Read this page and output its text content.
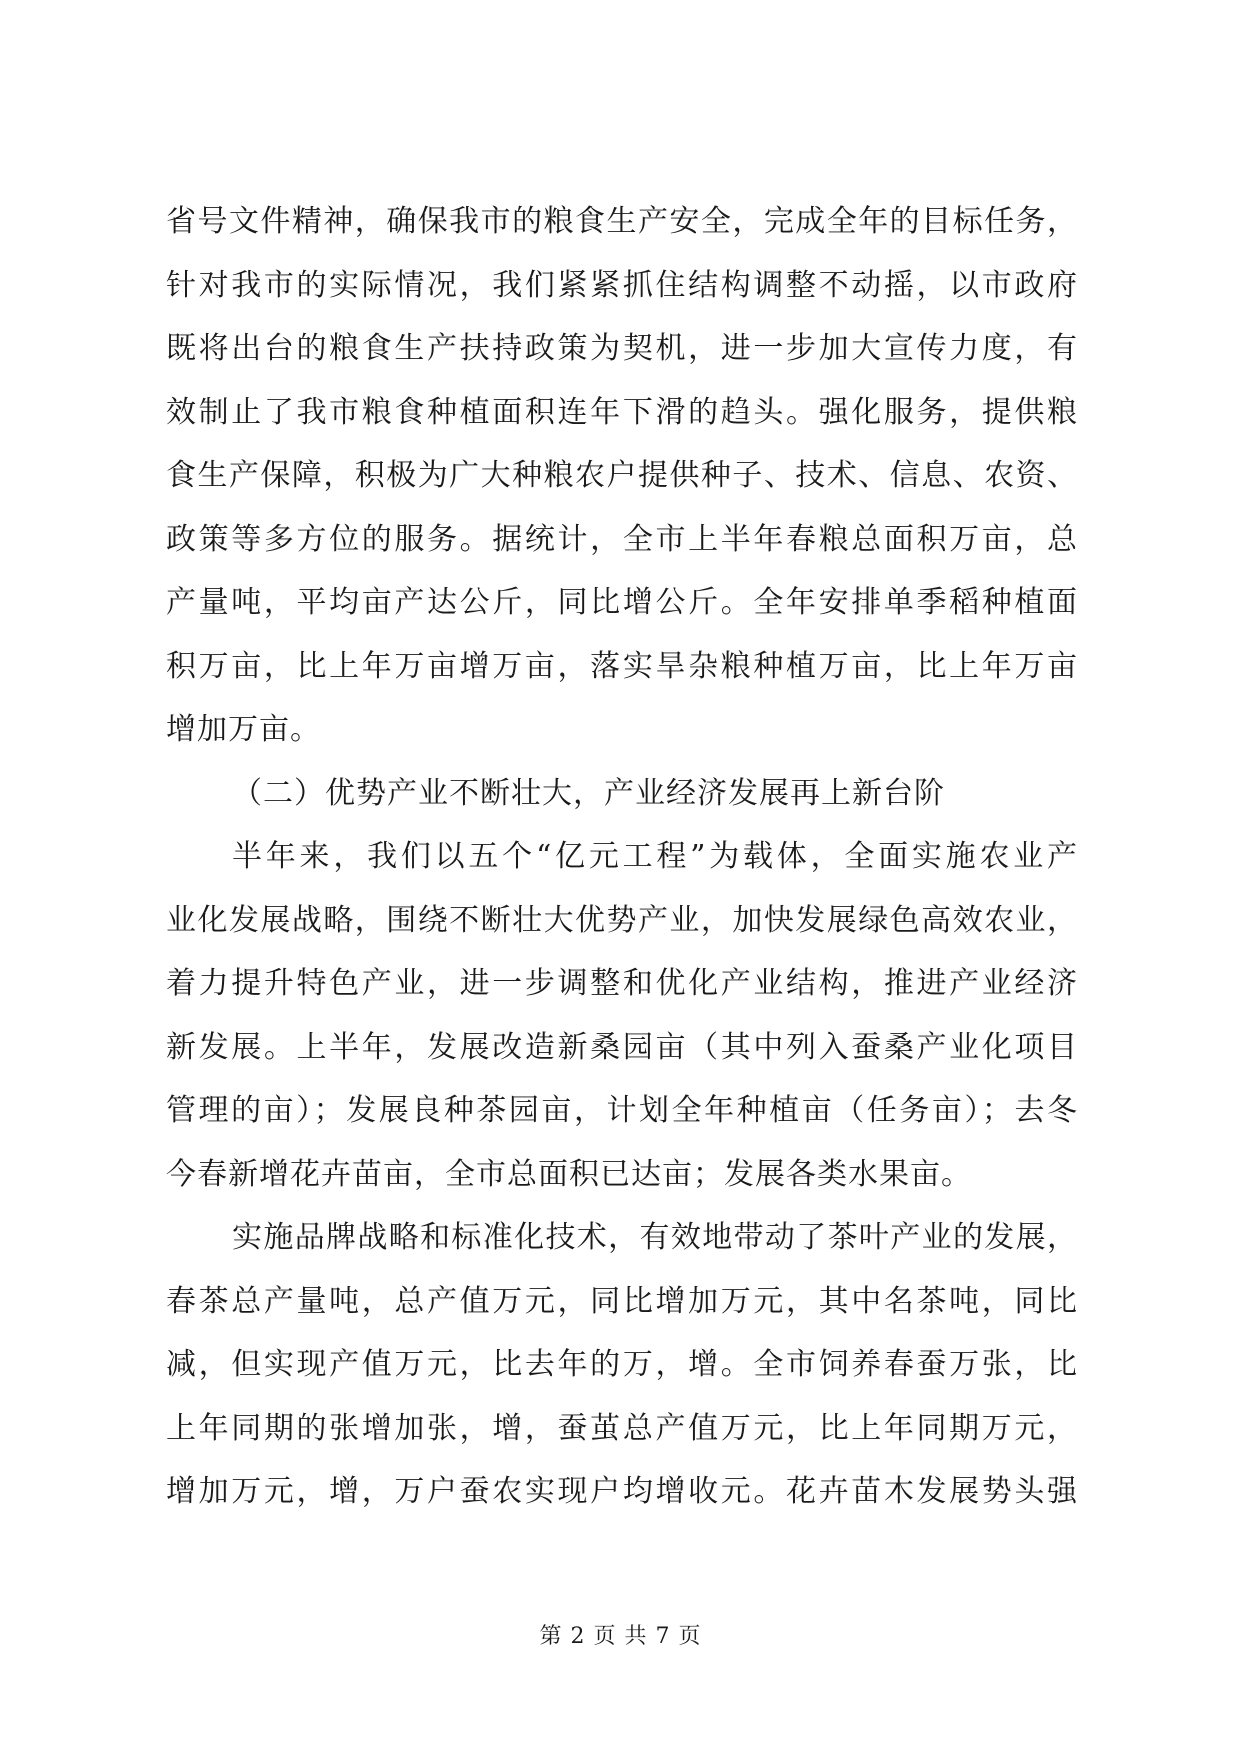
省号文件精神，确保我市的粮食生产安全，完成全年的目标任务，
针对我市的实际情况，我们紧紧抓住结构调整不动摇，以市政府
既将出台的粮食生产扶持政策为契机，进一步加大宣传力度，有
效制止了我市粮食种植面积连年下滑的趋头。强化服务，提供粮
食生产保障，积极为广大种粮农户提供种子、技术、信息、农资、
政策等多方位的服务。据统计，全市上半年春粮总面积万亩，总
产量吨，平均亩产达公斤，同比增公斤。全年安排单季稻种植面
积万亩，比上年万亩增万亩，落实旱杂粮种植万亩，比上年万亩
增加万亩。
（二）优势产业不断壮大，产业经济发展再上新台阶
半年来，我们以五个“亿元工程”为载体，全面实施农业产
业化发展战略，围绕不断壮大优势产业，加快发展绿色高效农业，
着力提升特色产业，进一步调整和优化产业结构，推进产业经济
新发展。上半年，发展改造新桑园亩（其中列入蚕桑产业化项目
管理的亩）；发展良种茶园亩，计划全年种植亩（任务亩）；去冬
今春新增花卉苗亩，全市总面积已达亩；发展各类水果亩。
实施品牌战略和标准化技术，有效地带动了茶叶产业的发展，
春茶总产量吨，总产值万元，同比增加万元，其中名茶吨，同比
减，但实现产值万元，比去年的万，增。全市饲养春蚕万张，比
上年同期的张增加张，增，蚕茧总产值万元，比上年同期万元，
增加万元，增，万户蚕农实现户均增收元。花卉苗木发展势头强
第 2 页 共 7 页
